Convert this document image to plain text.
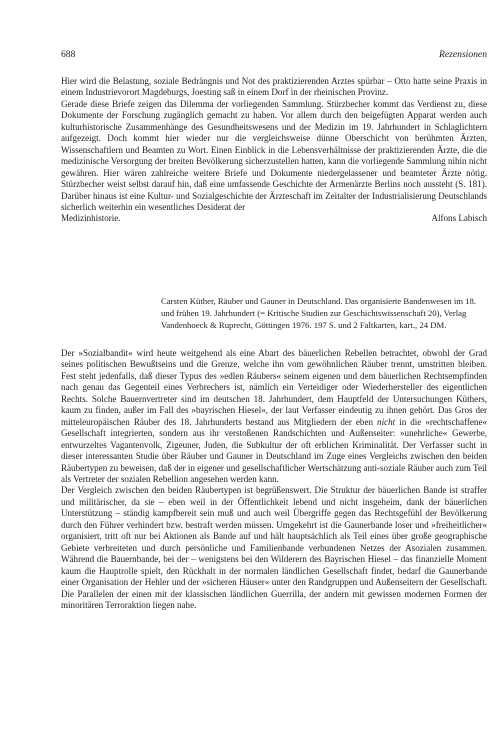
688	Rezensionen

Hier wird die Belastung, soziale Bedrängnis und Not des praktizierenden Arztes spürbar – Otto hatte seine Praxis in einem Industrievorort Magdeburgs, Joesting saß in einem Dorf in der rheinischen Provinz.

Gerade diese Briefe zeigen das Dilemma der vorliegenden Sammlung. Stürzbecher kommt das Verdienst zu, diese Dokumente der Forschung zugänglich gemacht zu haben. Vor allem durch den beigefügten Apparat werden auch kulturhistorische Zusammenhänge des Gesundheitswesens und der Medizin im 19. Jahrhundert in Schlaglichtern aufgezeigt. Doch kommt hier wieder nur die vergleichsweise dünne Oberschicht von berühmten Ärzten, Wissenschaftlern und Beamten zu Wort. Einen Einblick in die Lebensverhältnisse der praktizierenden Ärzte, die die medizinische Versorgung der breiten Bevölkerung sicherzustellen hatten, kann die vorliegende Sammlung nihin nicht gewähren. Hier wären zahlreiche weitere Briefe und Dokumente niedergelassener und beamteter Ärzte nötig. Stürzbecher weist selbst darauf hin, daß eine umfassende Geschichte der Armenärzte Berlins noch aussteht (S. 181). Darüber hinaus ist eine Kultur- und Sozialgeschichte der Ärzteschaft im Zeitalter der Industrialisierung Deutschlands sicherlich weiterhin ein wesentliches Desiderat der

Medizinhistorie.	Alfons Labisch

Carsten Küther, Räuber und Gauner in Deutschland. Das organisierte Bandenwesen im 18. und frühen 19. Jahrhundert (= Kritische Studien zur Geschichtswissenschaft 20), Verlag Vandenhoeck & Ruprecht, Göttingen 1976. 197 S. und 2 Faltkarten, kart., 24 DM.

Der »Sozialbandit« wird heute weitgehend als eine Abart des bäuerlichen Rebellen betrachtet, obwohl der Grad seines politischen Bewußtseins und die Grenze, welche ihn vom gewöhnlichen Räuber trennt, umstritten bleiben. Fest steht jedenfalls, daß dieser Typus des »edlen Räubers« seinem eigenen und dem bäuerlichen Rechtsempfinden nach genau das Gegenteil eines Verbrechers ist, nämlich ein Verteidiger oder Wiederhersteller des eigentlichen Rechts. Solche Bauernvertreter sind im deutschen 18. Jahrhundert, dem Hauptfeld der Untersuchungen Küthers, kaum zu finden, außer im Fall des »bayrischen Hiesel«, der laut Verfasser eindeutig zu ihnen gehört. Das Gros der mitteleuropäischen Räuber des 18. Jahrhunderts bestand aus Mitgliedern der eben nicht in die »rechtschaffene« Gesellschaft integrierten, sondern aus ihr verstoßenen Randschichten und Außenseiter: »unehrliche« Gewerbe, entwurzeltes Vagantenvolk, Zigeuner, Juden, die Subkultur der oft erblichen Kriminalität. Der Verfasser sucht in dieser interessanten Studie über Räuber und Gauner in Deutschland im Zuge eines Vergleichs zwischen den beiden Räubertypen zu beweisen, daß der in eigener und gesellschaftlicher Wertschätzung anti-soziale Räuber auch zum Teil als Vertreter der sozialen Rebellion angesehen werden kann.

Der Vergleich zwischen den beiden Räubertypen ist begrüßenswert. Die Struktur der bäuerlichen Bande ist straffer und militärischer, da sie – eben weil in der Öffentlichkeit lebend und nicht insgeheim, dank der bäuerlichen Unterstützung – ständig kampfbereit sein muß und auch weil Übergriffe gegen das Rechtsgefühl der Bevölkerung durch den Führer verhindert bzw. bestraft werden müssen. Umgekehrt ist die Gaunerbande loser und »freiheitlicher« organisiert, tritt oft nur bei Aktionen als Bande auf und hält hauptsächlich als Teil eines über große geographische Gebiete verbreiteten und durch persönliche und Familienbande verbundenen Netzes der Asozialen zusammen. Während die Bauernbande, bei der – wenigstens bei den Wilderern des Bayrischen Hiesel – das finanzielle Moment kaum die Hauptrolle spielt, den Rückhalt in der normalen ländlichen Gesellschaft findet, bedarf die Gaunerbande einer Organisation der Hehler und der »sicheren Häuser« unter den Randgruppen und Außenseitern der Gesellschaft. Die Parallelen der einen mit der klassischen ländlichen Guerrilla, der andern mit gewissen modernen Formen der minoritären Terroraktion liegen nahe.
